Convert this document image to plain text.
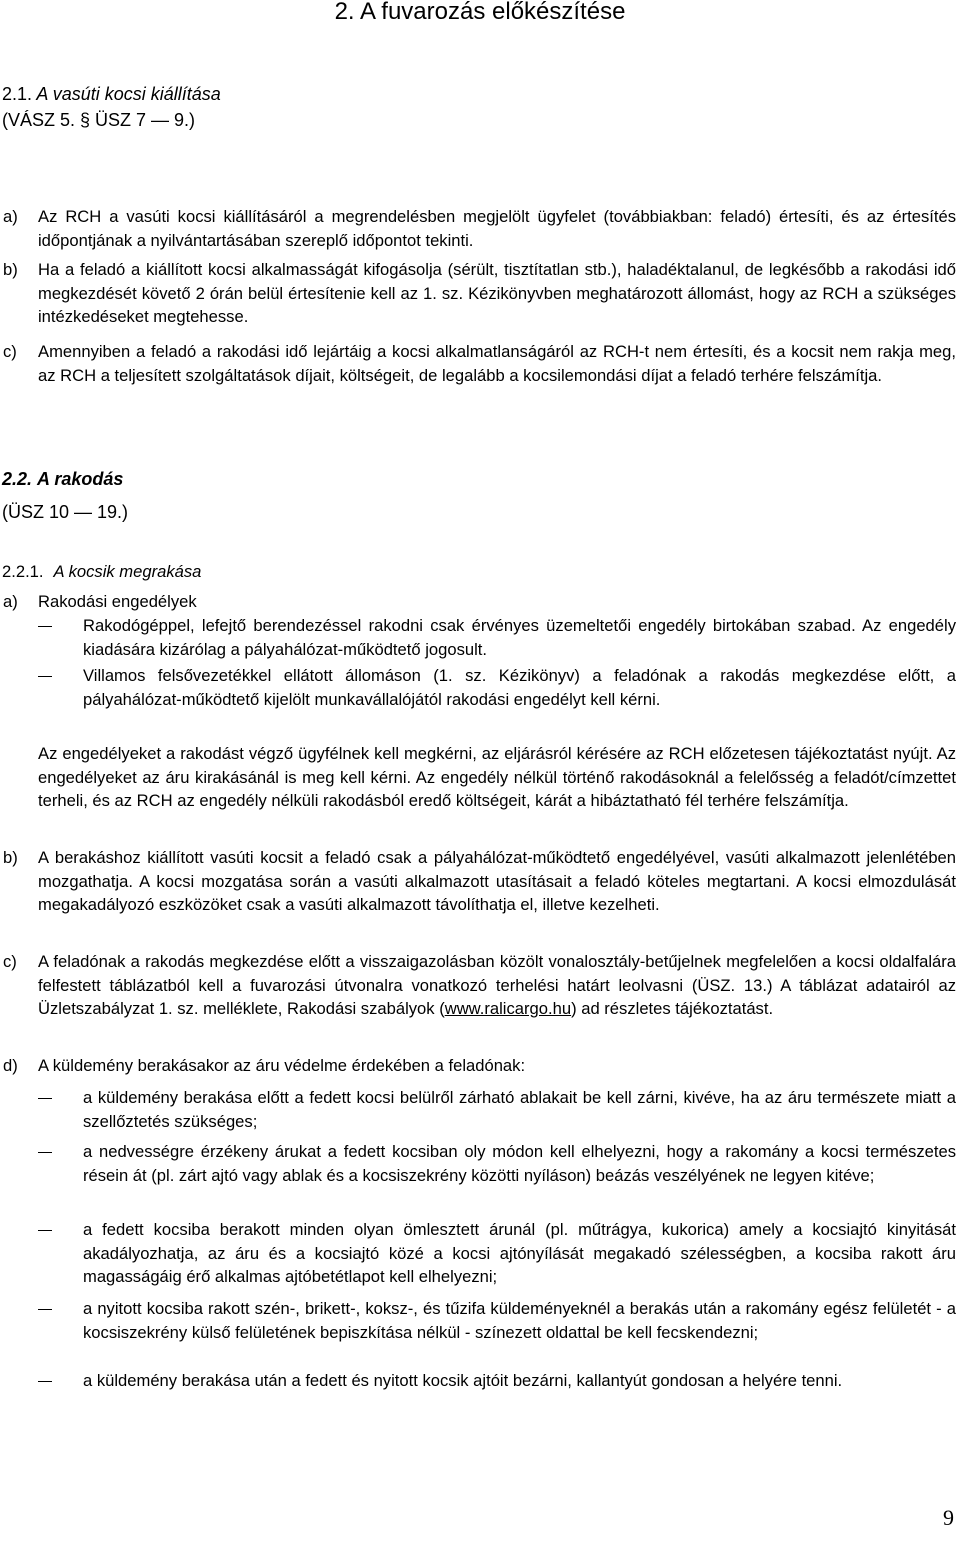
2. A fuvarozás előkészítése
2.1. A vasúti kocsi kiállítása
(VÁSZ 5. § ÜSZ 7 — 9.)
a) Az RCH a vasúti kocsi kiállításáról a megrendelésben megjelölt ügyfelet (továbbiakban: feladó) értesíti, és az értesítés időpontjának a nyilvántartásában szereplő időpontot tekinti.
b) Ha a feladó a kiállított kocsi alkalmasságát kifogásolja (sérült, tisztítatlan stb.), haladéktalanul, de legkésőbb a rakodási idő megkezdését követő 2 órán belül értesítenie kell az 1. sz. Kézikönyvben meghatározott állomást, hogy az RCH a szükséges intézkedéseket megtehesse.
c) Amennyiben a feladó a rakodási idő lejártáig a kocsi alkalmatlanságáról az RCH-t nem értesíti, és a kocsit nem rakja meg, az RCH a teljesített szolgáltatások díjait, költségeit, de legalább a kocsilemondási díjat a feladó terhére felszámítja.
2.2. A rakodás
(ÜSZ 10 — 19.)
2.2.1. A kocsik megrakása
a) Rakodási engedélyek
Rakodógéppel, lefejtő berendezéssel rakodni csak érvényes üzemeltetői engedély birtokában szabad. Az engedély kiadására kizárólag a pályahálózat-működtető jogosult.
Villamos felsővezetékkel ellátott állomáson (1. sz. Kézikönyv) a feladónak a rakodás megkezdése előtt, a pályahálózat-működtető kijelölt munkavállalójától rakodási engedélyt kell kérni.
Az engedélyeket a rakodást végző ügyfélnek kell megkérni, az eljárásról kérésére az RCH előzetesen tájékoztatást nyújt. Az engedélyeket az áru kirakásánál is meg kell kérni. Az engedély nélkül történő rakodásoknál a felelősség a feladót/címzettet terheli, és az RCH az engedély nélküli rakodásból eredő költségeit, kárát a hibáztatható fél terhére felszámítja.
b) A berakáshoz kiállított vasúti kocsit a feladó csak a pályahálózat-működtető engedélyével, vasúti alkalmazott jelenlétében mozgathatja. A kocsi mozgatása során a vasúti alkalmazott utasításait a feladó köteles megtartani. A kocsi elmozdulását megakadályozó eszközöket csak a vasúti alkalmazott távolíthatja el, illetve kezelheti.
c) A feladónak a rakodás megkezdése előtt a visszaigazolásban közölt vonalosztály-betűjelnek megfelelően a kocsi oldalfalára felfestett táblázatból kell a fuvarozási útvonalra vonatkozó terhelési határt leolvasni (ÜSZ. 13.) A táblázat adatairól az Üzletszabályzat 1. sz. melléklete, Rakodási szabályok (www.ralicargo.hu) ad részletes tájékoztatást.
d) A küldemény berakásakor az áru védelme érdekében a feladónak:
a küldemény berakása előtt a fedett kocsi belülről zárható ablakait be kell zárni, kivéve, ha az áru természete miatt a szellőztetés szükséges;
a nedvességre érzékeny árukat a fedett kocsiban oly módon kell elhelyezni, hogy a rakomány a kocsi természetes résein át (pl. zárt ajtó vagy ablak és a kocsiszekrény közötti nyíláson) beázás veszélyének ne legyen kitéve;
a fedett kocsiba berakott minden olyan ömlesztett árunál (pl. műtrágya, kukorica) amely a kocsiajtó kinyitását akadályozhatja, az áru és a kocsiajtó közé a kocsi ajtónyílását megakadó szélességben, a kocsiba rakott áru magasságáig érő alkalmas ajtóbetétlapot kell elhelyezni;
a nyitott kocsiba rakott szén-, brikett-, koksz-, és tűzifa küldeményeknél a berakás után a rakomány egész felületét - a kocsiszekrény külső felületének bepiszkítása nélkül - színezett oldattal be kell fecskendezni;
a küldemény berakása után a fedett és nyitott kocsik ajtóit bezárni, kallantyút gondosan a helyére tenni.
9
